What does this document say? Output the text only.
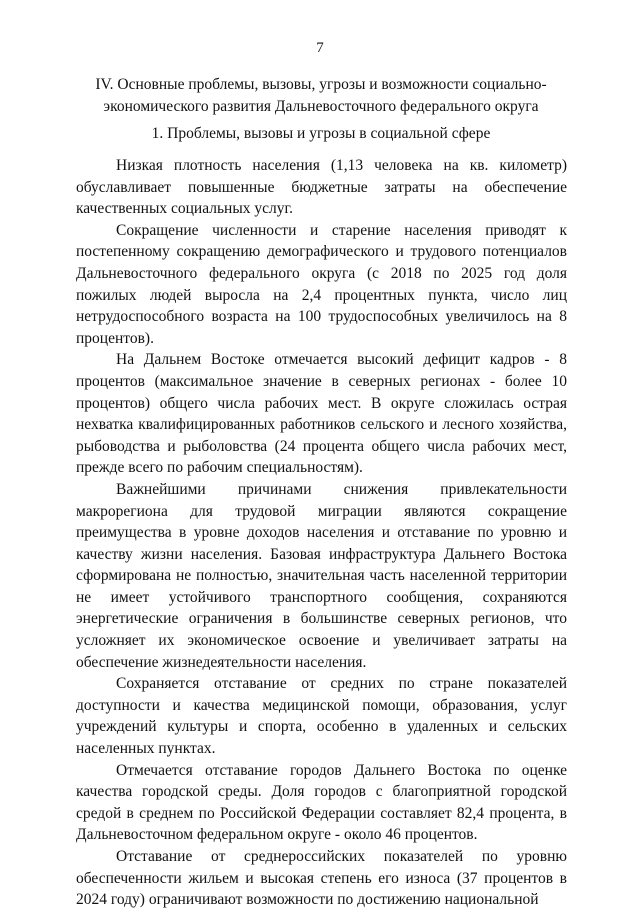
7
IV. Основные проблемы, вызовы, угрозы и возможности социально-экономического развития Дальневосточного федерального округа
1. Проблемы, вызовы и угрозы в социальной сфере

Низкая плотность населения (1,13 человека на кв. километр) обуславливает повышенные бюджетные затраты на обеспечение качественных социальных услуг.

Сокращение численности и старение населения приводят к постепенному сокращению демографического и трудового потенциалов Дальневосточного федерального округа (с 2018 по 2025 год доля пожилых людей выросла на 2,4 процентных пункта, число лиц нетрудоспособного возраста на 100 трудоспособных увеличилось на 8 процентов).

На Дальнем Востоке отмечается высокий дефицит кадров - 8 процентов (максимальное значение в северных регионах - более 10 процентов) общего числа рабочих мест. В округе сложилась острая нехватка квалифицированных работников сельского и лесного хозяйства, рыбоводства и рыболовства (24 процента общего числа рабочих мест, прежде всего по рабочим специальностям).

Важнейшими причинами снижения привлекательности макрорегиона для трудовой миграции являются сокращение преимущества в уровне доходов населения и отставание по уровню и качеству жизни населения. Базовая инфраструктура Дальнего Востока сформирована не полностью, значительная часть населенной территории не имеет устойчивого транспортного сообщения, сохраняются энергетические ограничения в большинстве северных регионов, что усложняет их экономическое освоение и увеличивает затраты на обеспечение жизнедеятельности населения.

Сохраняется отставание от средних по стране показателей доступности и качества медицинской помощи, образования, услуг учреждений культуры и спорта, особенно в удаленных и сельских населенных пунктах.

Отмечается отставание городов Дальнего Востока по оценке качества городской среды. Доля городов с благоприятной городской средой в среднем по Российской Федерации составляет 82,4 процента, в Дальневосточном федеральном округе - около 46 процентов.

Отставание от среднероссийских показателей по уровню обеспеченности жильем и высокая степень его износа (37 процентов в 2024 году) ограничивают возможности по достижению национальной
